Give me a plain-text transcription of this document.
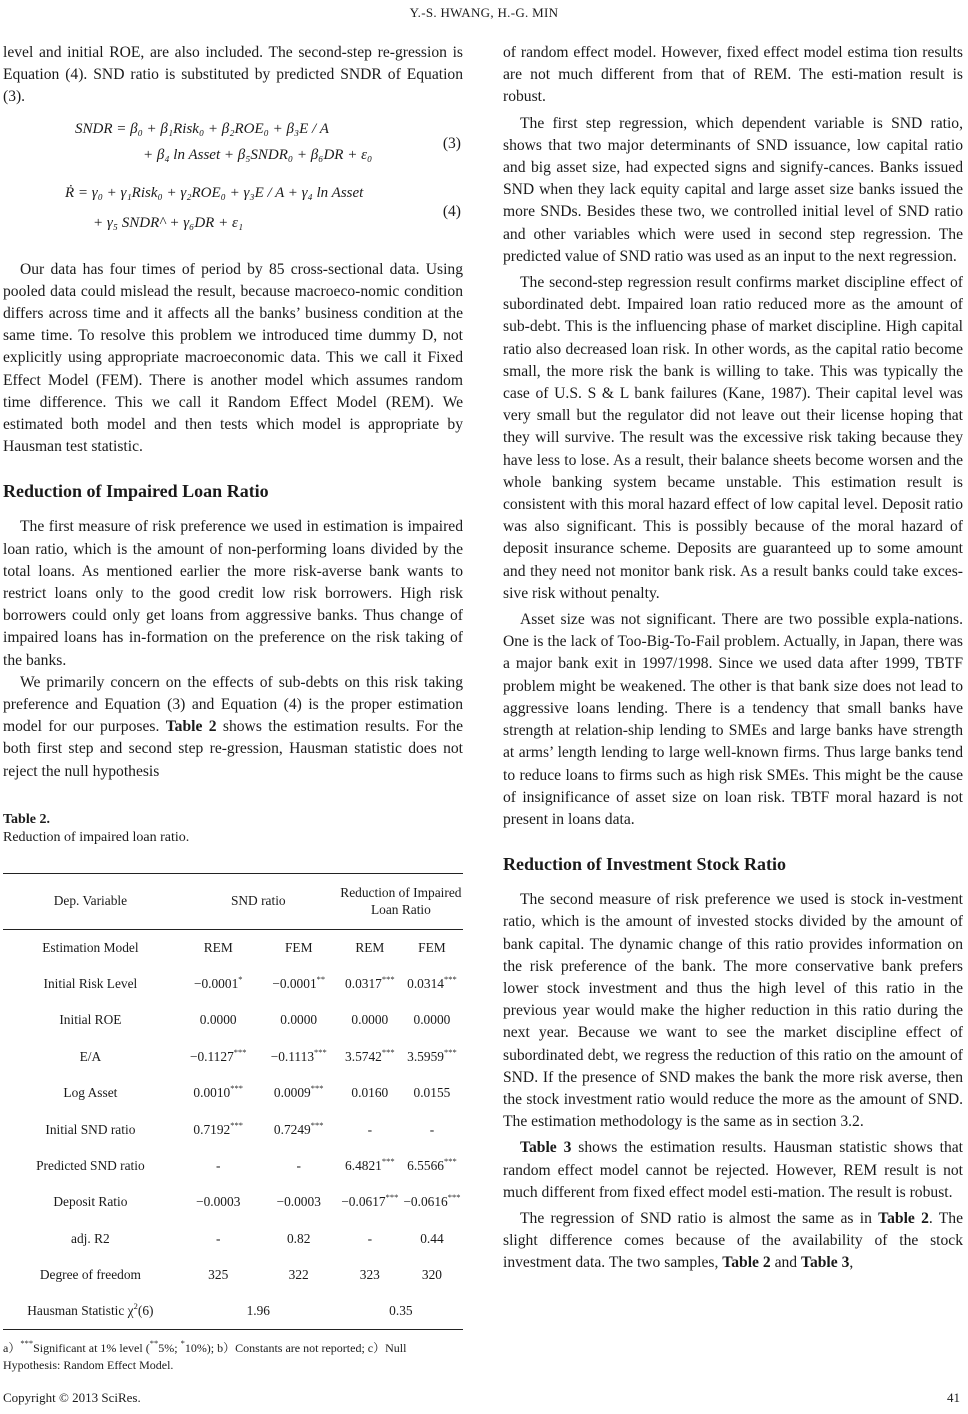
Y.-S. HWANG, H.-G. MIN

level and initial ROE, are also included. The second-step re-gression is Equation (4). SND ratio is substituted by predicted SNDR of Equation (3).

SNDR = β₀ + β₁Risk₀ + β₂ROE₀ + β₃E / A
+ β₄ ln Asset + β₅SNDR₀ + β₆DR + ε₀
(3)
Ṙ = γ₀ + γ₁Risk₀ + γ₂ROE₀ + γ₃E / A + γ₄ ln Asset
+ γ₅ SNDR^ + γ₆DR + ε₁
(4)

Our data has four times of period by 85 cross-sectional data. Using pooled data could mislead the result, because macroeco-nomic condition differs across time and it affects all the banks’ business condition at the same time. To resolve this problem we introduced time dummy D, not explicitly using appropriate macroeconomic data. This we call it Fixed Effect Model (FEM). There is another model which assumes random time difference. This we call it Random Effect Model (REM). We estimated both model and then tests which model is appropriate by Hausman test statistic.

Reduction of Impaired Loan Ratio

The first measure of risk preference we used in estimation is impaired loan ratio, which is the amount of non-performing loans divided by the total loans. As mentioned earlier the more risk-averse bank wants to restrict loans only to the good credit low risk borrowers. High risk borrowers could only get loans from aggressive banks. Thus change of impaired loans has in-formation on the preference on the risk taking of the banks.

We primarily concern on the effects of sub-debts on this risk taking preference and Equation (3) and Equation (4) is the proper estimation model for our purposes. Table 2 shows the estimation results. For the both first step and second step re-gression, Hausman statistic does not reject the null hypothesis

Table 2.

Reduction of impaired loan ratio.

Dep. Variable	SND ratio		Reduction of Impaired Loan Ratio	
Estimation Model	REM	FEM	REM	FEM
Initial Risk Level	−0.0001*	−0.0001**	0.0317***	0.0314***
Initial ROE	0.0000	0.0000	0.0000	0.0000
E/A	−0.1127***	−0.1113***	3.5742***	3.5959***
Log Asset	0.0010***	0.0009***	0.0160	0.0155
Initial SND ratio	0.7192***	0.7249***	-	-
Predicted SND ratio	-	-	6.4821***	6.5566***
Deposit Ratio	−0.0003	−0.0003	−0.0617***	−0.0616***
adj. R2	-	0.82	-	0.44
Degree of freedom	325	322	323	320
Hausman Statistic $\chi^2(6)$	1.96		0.35	
a）***Significant at 1% level (**5%; *10%); b）Constants are not reported; c）Null Hypothesis: Random Effect Model.

of random effect model. However, fixed effect model estima tion results are not much different from that of REM. The esti-mation result is robust.

The first step regression, which dependent variable is SND ratio, shows that two major determinants of SND issuance, low capital ratio and big asset size, had expected signs and signify-cances. Banks issued SND when they lack equity capital and large asset size banks issued the more SNDs. Besides these two, we controlled initial level of SND ratio and other variables which were used in second step regression. The predicted value of SND ratio was used as an input to the next regression.

The second-step regression result confirms market discipline effect of subordinated debt. Impaired loan ratio reduced more as the amount of sub-debt. This is the influencing phase of market discipline. High capital ratio also decreased loan risk. In other words, as the capital ratio become small, the more risk the bank is willing to take. This was typically the case of U.S. S & L bank failures (Kane, 1987). Their capital level was very small but the regulator did not leave out their license hoping that they will survive. The result was the excessive risk taking because they have less to lose. As a result, their balance sheets become worsen and the whole banking system became unstable. This estimation result is consistent with this moral hazard effect of low capital level. Deposit ratio was also significant. This is possibly because of the moral hazard of deposit insurance scheme. Deposits are guaranteed up to some amount and they need not monitor bank risk. As a result banks could take exces-sive risk without penalty.

Asset size was not significant. There are two possible expla-nations. One is the lack of Too-Big-To-Fail problem. Actually, in Japan, there was a major bank exit in 1997/1998. Since we used data after 1999, TBTF problem might be weakened. The other is that bank size does not lead to aggressive loans lending. There is a tendency that small banks have strength at relation-ship lending to SMEs and large banks have strength at arms’ length lending to large well-known firms. Thus large banks tend to reduce loans to firms such as high risk SMEs. This might be the cause of insignificance of asset size on loan risk. TBTF moral hazard is not present in loans data.

Reduction of Investment Stock Ratio

The second measure of risk preference we used is stock in-vestment ratio, which is the amount of invested stocks divided by the amount of bank capital. The dynamic change of this ratio provides information on the risk preference of the bank. The more conservative bank prefers lower stock investment and thus the high level of this ratio in the previous year would make the higher reduction in this ratio during the next year. Because we want to see the market discipline effect of subordinated debt, we regress the reduction of this ratio on the amount of SND. If the presence of SND makes the bank the more risk averse, then the stock investment ratio would reduce the more as the amount of SND. The estimation methodology is the same as in section 3.2.

Table 3 shows the estimation results. Hausman statistic shows that random effect model cannot be rejected. However, REM result is not much different from fixed effect model esti-mation. The result is robust.

The regression of SND ratio is almost the same as in Table 2. The slight difference comes because of the availability of the stock investment data. The two samples, Table 2 and Table 3,

Copyright © 2013 SciRes.	41
